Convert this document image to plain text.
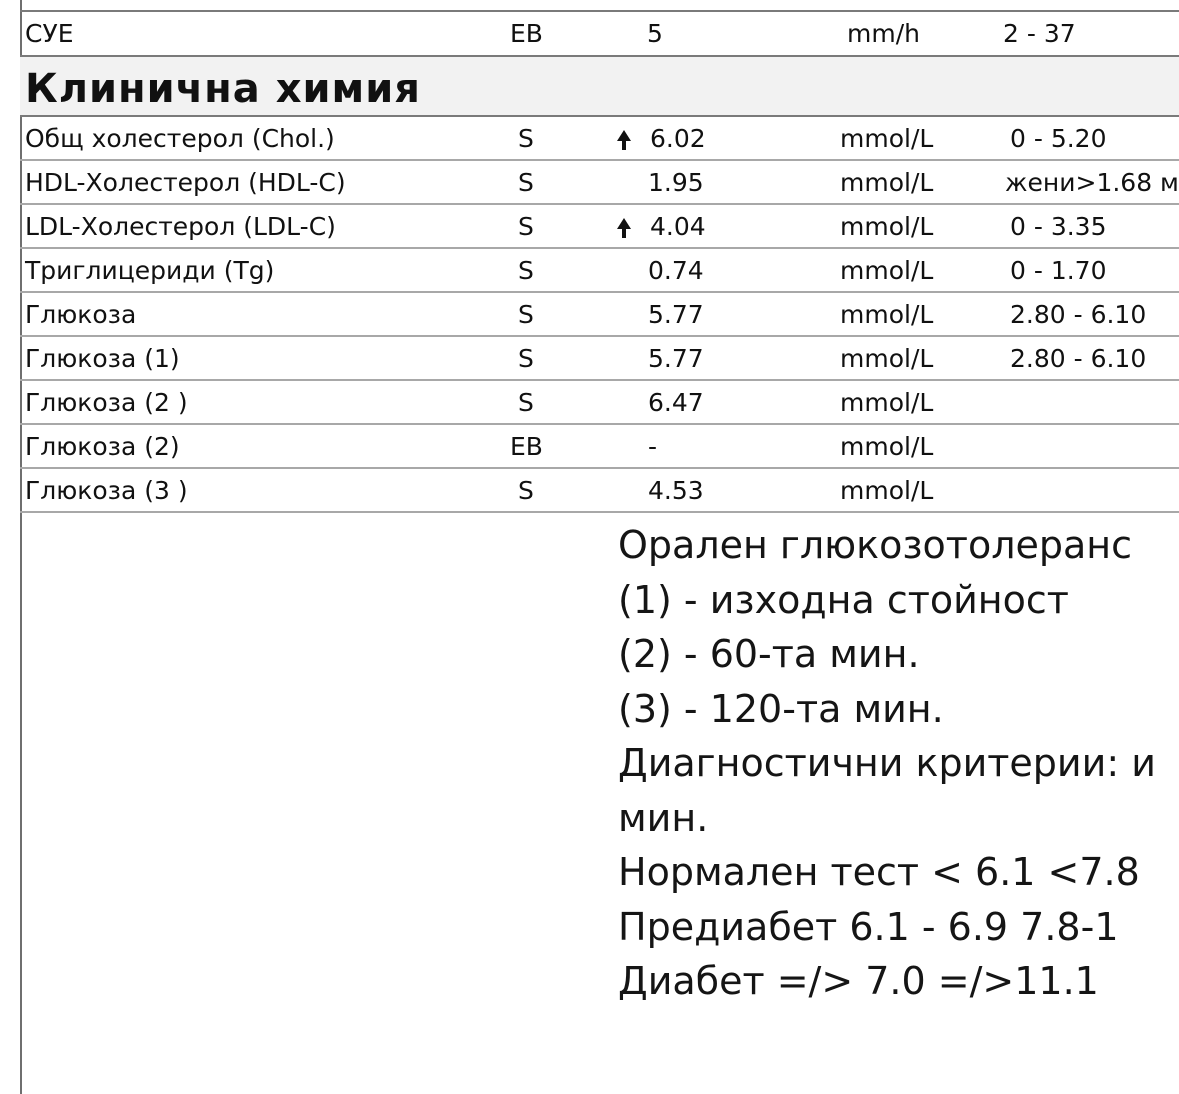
СУЕ	ЕВ	5	mm/h	2 - 37
Клинична химия
Общ холестерол (Chol.)	S	6.02	mmol/L	0 - 5.20
HDL-Холестерол (HDL-C)	S	1.95	mmol/L	жени>1.68 м
LDL-Холестерол (LDL-C)	S	4.04	mmol/L	0 - 3.35
Триглицериди (Tg)	S	0.74	mmol/L	0 - 1.70
Глюкоза	S	5.77	mmol/L	2.80 - 6.10
Глюкоза (1)	S	5.77	mmol/L	2.80 - 6.10
Глюкоза (2 )	S	6.47	mmol/L
Глюкоза (2)	ЕВ	-	mmol/L
Глюкоза (3 )	S	4.53	mmol/L
Орален глюкозотолеранс
(1) - изходна стойност
(2) - 60-та мин.
(3) - 120-та мин.
Диагностични критерии: и
мин.
Нормален тест < 6.1 <7.8
Предиабет 6.1 - 6.9 7.8-1
Диабет =/> 7.0 =/>11.1
